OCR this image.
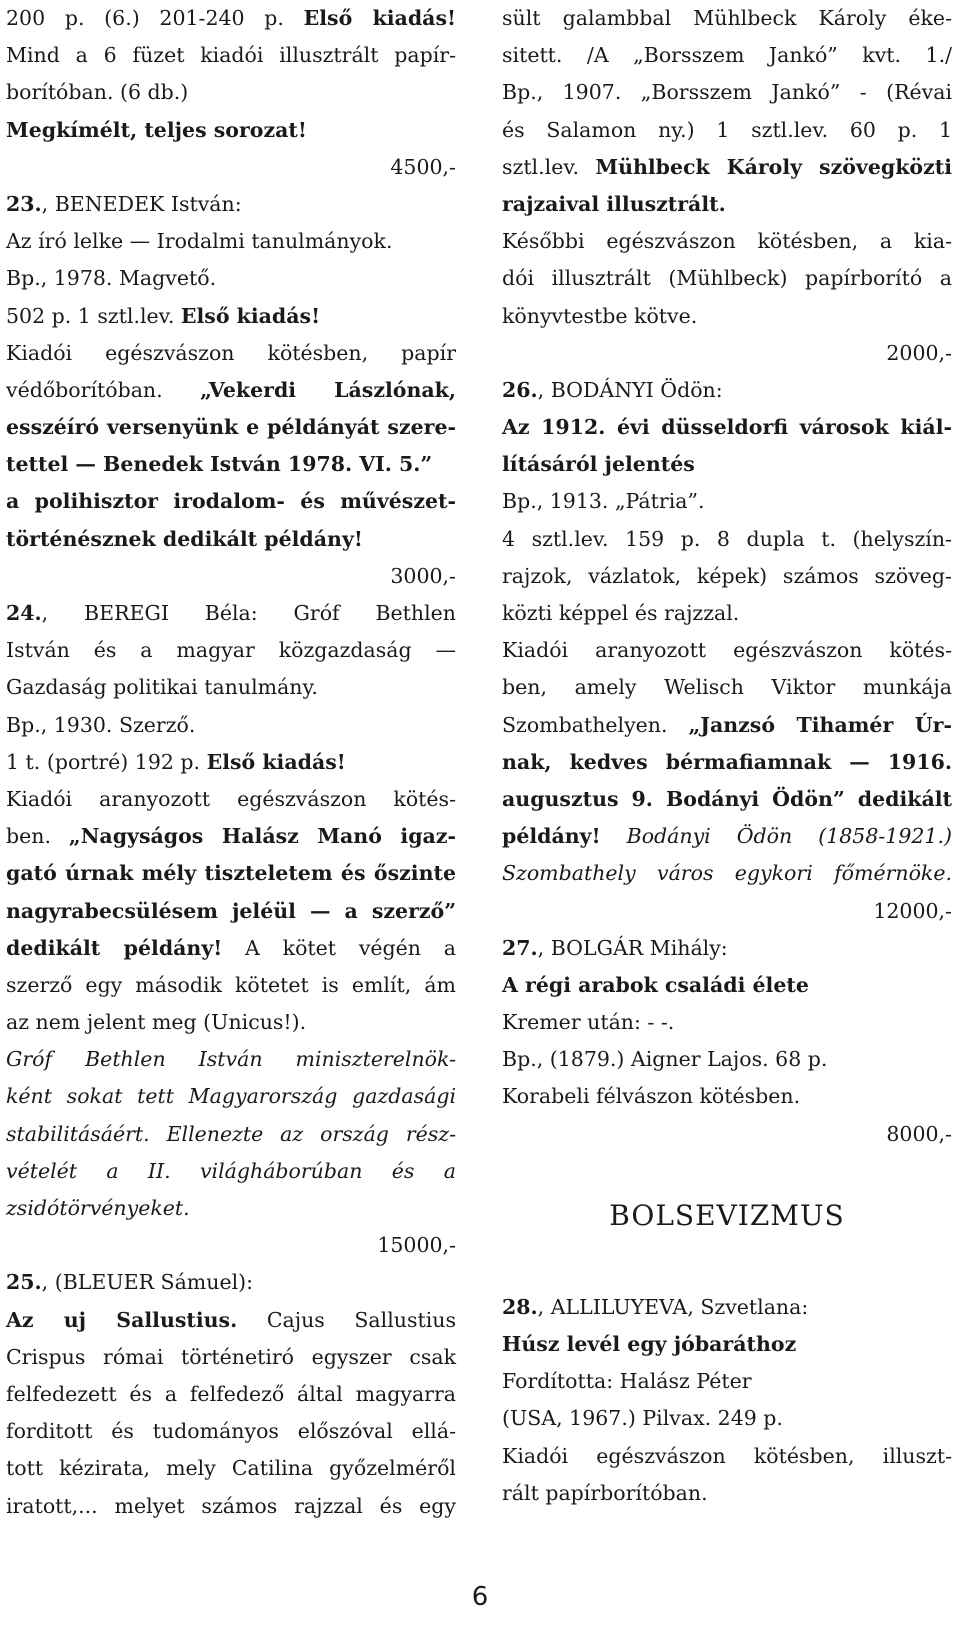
200 p. (6.) 201-240 p. Első kiadás!
Mind a 6 füzet kiadói illusztrált papír-
borítóban. (6 db.)
Megkímélt, teljes sorozat!
4500,-
23., BENEDEK István:
Az író lelke — Irodalmi tanulmányok.
Bp., 1978. Magvető.
502 p. 1 sztl.lev. Első kiadás!
Kiadói egészvászon kötésben, papír
védőborítóban. „Vekerdi Lászlónak,
esszéíró versenyünk e példányát szere-
tettel — Benedek István 1978. VI. 5.”
a polihisztor irodalom- és művészet-
történésznek dedikált példány!
3000,-
24., BEREGI Béla: Gróf Bethlen
István és a magyar közgazdaság —
Gazdaság politikai tanulmány.
Bp., 1930. Szerző.
1 t. (portré) 192 p. Első kiadás!
Kiadói aranyozott egészvászon kötés-
ben. „Nagyságos Halász Manó igaz-
gató úrnak mély tiszteletem és őszinte
nagyrabecsülésem jeléül — a szerző”
dedikált példány! A kötet végén a
szerző egy második kötetet is említ, ám
az nem jelent meg (Unicus!).
Gróf Bethlen István miniszterelnök-
ként sokat tett Magyarország gazdasági
stabilitásáért. Ellenezte az ország rész-
vételét a II. világháborúban és a
zsidótörvényeket.
15000,-
25., (BLEUER Sámuel):
Az uj Sallustius. Cajus Sallustius
Crispus római történetiró egyszer csak
felfedezett és a felfedező által magyarra
forditott és tudományos előszóval ellá-
tott kézirata, mely Catilina győzelméről
iratott,... melyet számos rajzzal és egy
sült galambbal Mühlbeck Károly éke-
sitett. /A „Borsszem Jankó” kvt. 1./
Bp., 1907. „Borsszem Jankó” - (Révai
és Salamon ny.) 1 sztl.lev. 60 p. 1
sztl.lev. Mühlbeck Károly szövegközti
rajzaival illusztrált.
Későbbi egészvászon kötésben, a kia-
dói illusztrált (Mühlbeck) papírborító a
könyvtestbe kötve.
2000,-
26., BODÁNYI Ödön:
Az 1912. évi düsseldorfi városok kiál-
lításáról jelentés
Bp., 1913. „Pátria”.
4 sztl.lev. 159 p. 8 dupla t. (helyszín-
rajzok, vázlatok, képek) számos szöveg-
közti képpel és rajzzal.
Kiadói aranyozott egészvászon kötés-
ben, amely Welisch Viktor munkája
Szombathelyen. „Janzsó Tihamér Úr-
nak, kedves bérmafiamnak — 1916.
augusztus 9. Bodányi Ödön” dedikált
példány! Bodányi Ödön (1858-1921.)
Szombathely város egykori főmérnöke.
12000,-
27., BOLGÁR Mihály:
A régi arabok családi élete
Kremer után: - -.
Bp., (1879.) Aigner Lajos. 68 p.
Korabeli félvászon kötésben.
8000,-
BOLSEVIZMUS
28., ALLILUYEVA, Szvetlana:
Húsz levél egy jóbaráthoz
Fordította: Halász Péter
(USA, 1967.) Pilvax. 249 p.
Kiadói egészvászon kötésben, illuszt-
rált papírborítóban.
6
